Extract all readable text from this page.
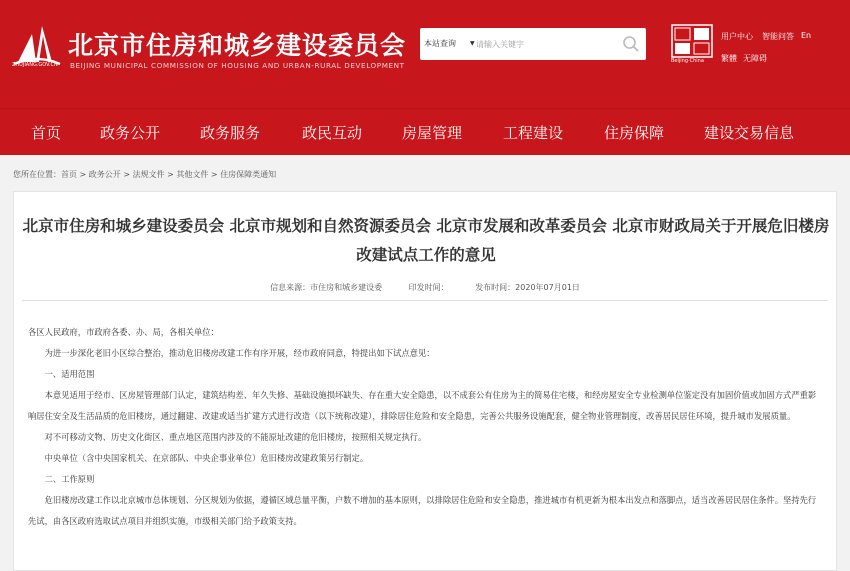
ZHUJIANG.GOV.CN
北京市住房和城乡建设委员会
BEIJING MUNICIPAL COMMISSION OF HOUSING AND URBAN-RURAL DEVELOPMENT
本站查询 ▼
请输入关键字
Beijing·China
用户中心 智能问答 En
繁體 无障碍
首页	政务公开	政务服务	政民互动	房屋管理	工程建设	住房保障	建设交易信息
您所在位置：首页 > 政务公开 > 法规文件 > 其他文件 > 住房保障类通知
北京市住房和城乡建设委员会 北京市规划和自然资源委员会 北京市发展和改革委员会 北京市财政局关于开展危旧楼房改建试点工作的意见
信息来源：市住房和城乡建设委	印发时间：	发布时间：2020年07月01日

各区人民政府，市政府各委、办、局，各相关单位：

为进一步深化老旧小区综合整治，推动危旧楼房改建工作有序开展，经市政府同意，特提出如下试点意见：

一、适用范围

本意见适用于经市、区房屋管理部门认定，建筑结构差、年久失修、基础设施损坏缺失、存在重大安全隐患，以不成套公有住房为主的简易住宅楼，和经房屋安全专业检测单位鉴定没有加固价值或加固方式严重影响居住安全及生活品质的危旧楼房，通过翻建、改建或适当扩建方式进行改造（以下统称改建），排除居住危险和安全隐患，完善公共服务设施配套，健全物业管理制度，改善居民居住环境，提升城市发展质量。

对不可移动文物、历史文化街区、重点地区范围内涉及的不能原址改建的危旧楼房，按照相关规定执行。

中央单位（含中央国家机关、在京部队、中央企事业单位）危旧楼房改建政策另行制定。

二、工作原则

危旧楼房改建工作以北京城市总体规划、分区规划为依据，遵循区域总量平衡，户数不增加的基本原则，以排除居住危险和安全隐患，推进城市有机更新为根本出发点和落脚点，适当改善居民居住条件。坚持先行先试，由各区政府选取试点项目并组织实施，市级相关部门给予政策支持。
